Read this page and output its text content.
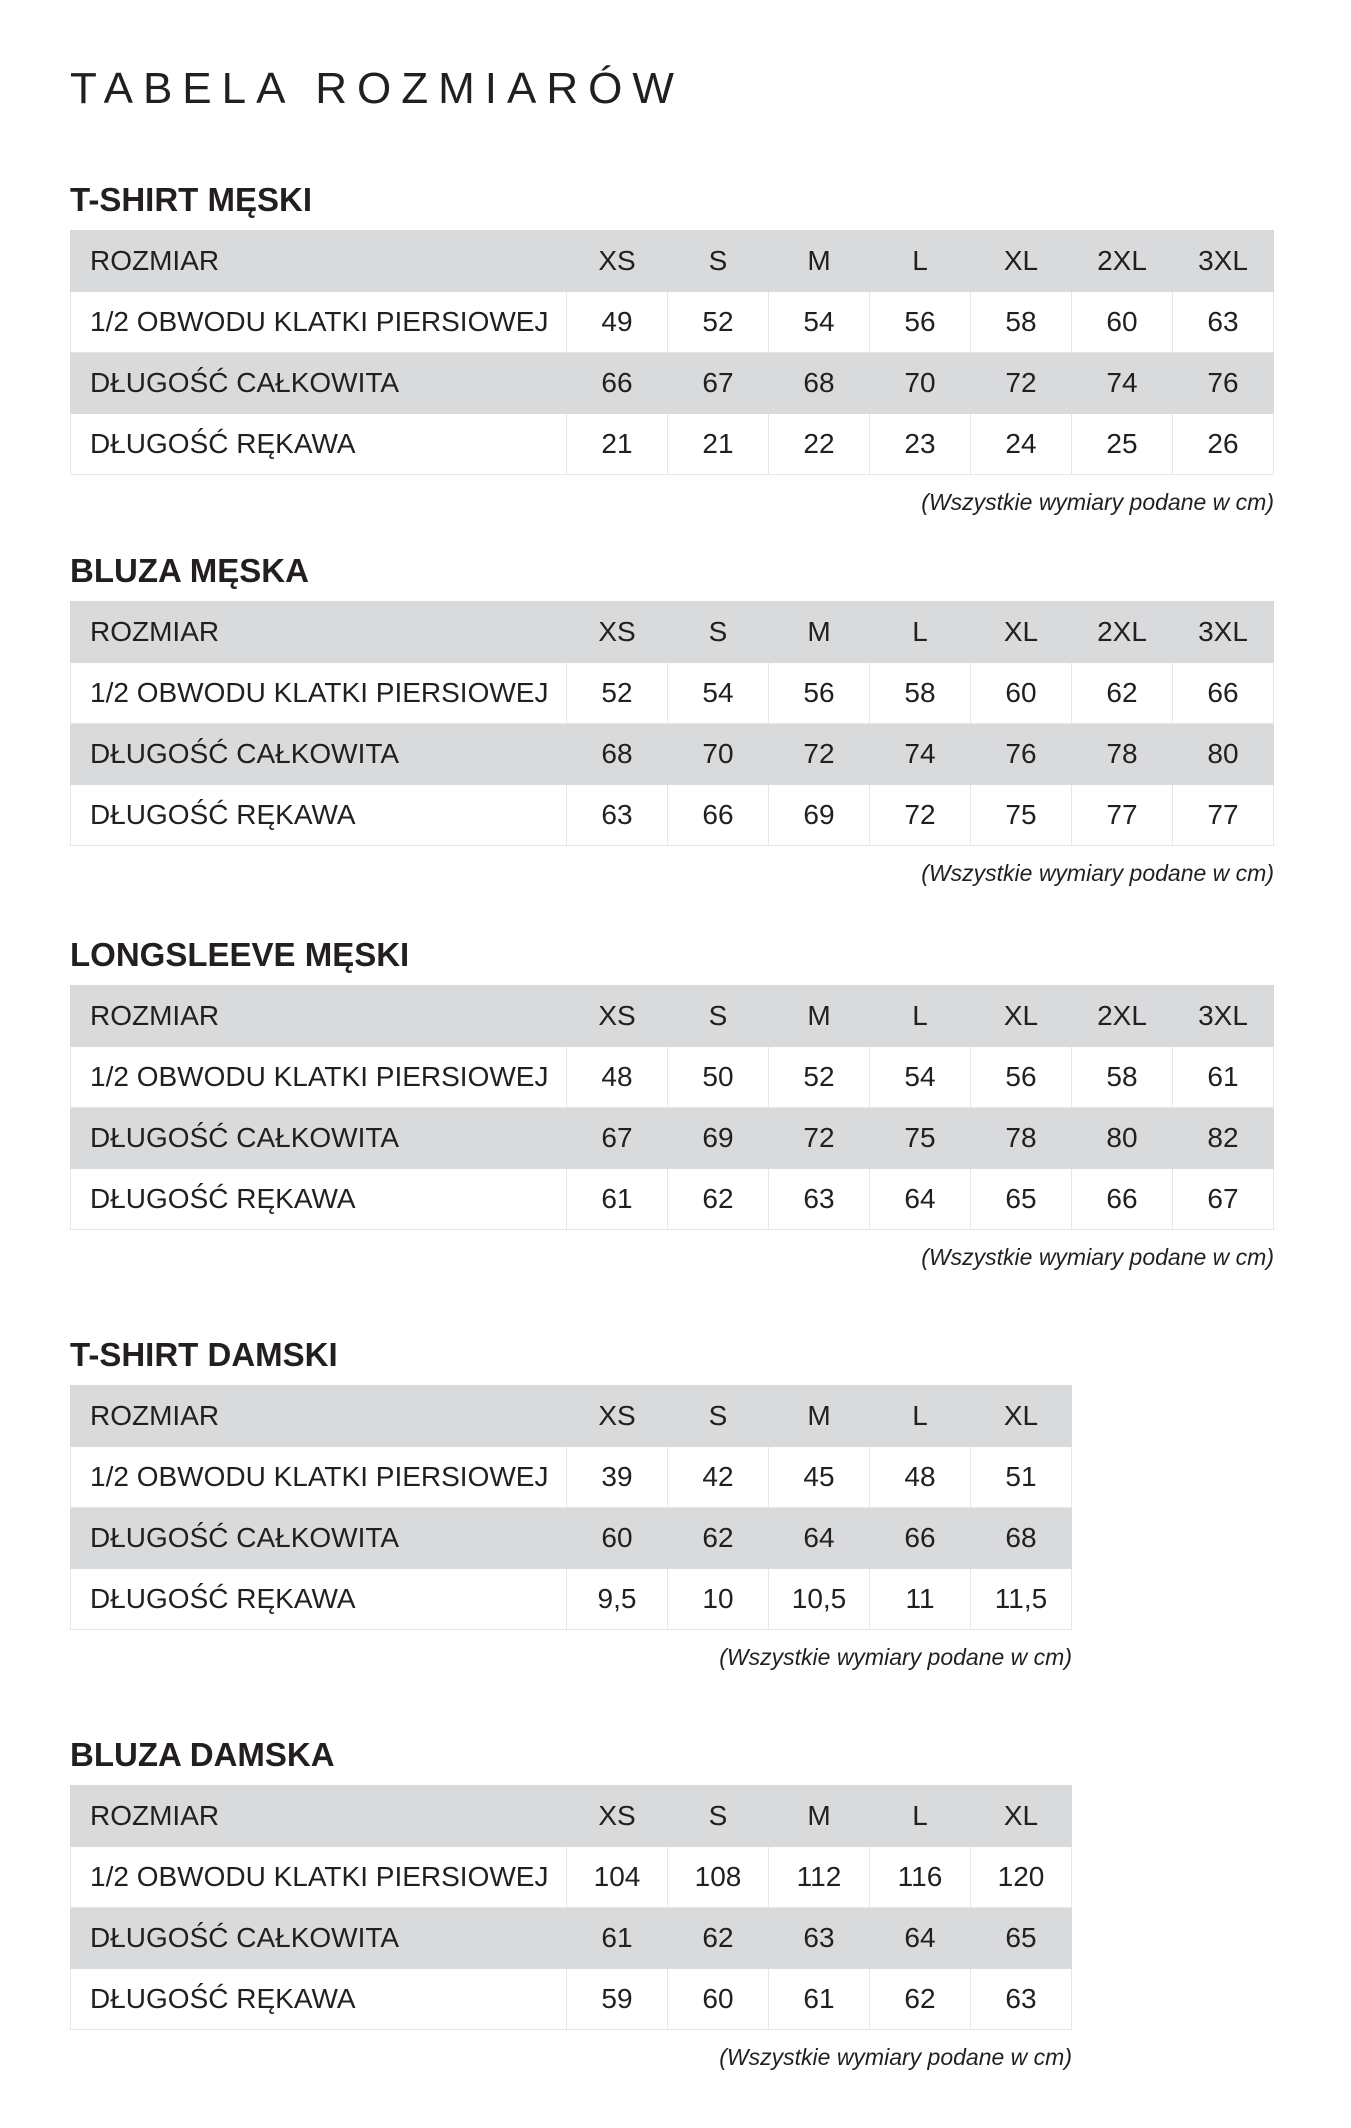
TABELA ROZMIARÓW
T-SHIRT MĘSKI
ROZMIAR	XS	S	M	L	XL	2XL	3XL
1/2 OBWODU KLATKI PIERSIOWEJ	49	52	54	56	58	60	63
DŁUGOŚĆ CAŁKOWITA	66	67	68	70	72	74	76
DŁUGOŚĆ RĘKAWA	21	21	22	23	24	25	26
(Wszystkie wymiary podane w cm)
BLUZA MĘSKA
ROZMIAR	XS	S	M	L	XL	2XL	3XL
1/2 OBWODU KLATKI PIERSIOWEJ	52	54	56	58	60	62	66
DŁUGOŚĆ CAŁKOWITA	68	70	72	74	76	78	80
DŁUGOŚĆ RĘKAWA	63	66	69	72	75	77	77
(Wszystkie wymiary podane w cm)
LONGSLEEVE MĘSKI
ROZMIAR	XS	S	M	L	XL	2XL	3XL
1/2 OBWODU KLATKI PIERSIOWEJ	48	50	52	54	56	58	61
DŁUGOŚĆ CAŁKOWITA	67	69	72	75	78	80	82
DŁUGOŚĆ RĘKAWA	61	62	63	64	65	66	67
(Wszystkie wymiary podane w cm)
T-SHIRT DAMSKI
ROZMIAR	XS	S	M	L	XL
1/2 OBWODU KLATKI PIERSIOWEJ	39	42	45	48	51
DŁUGOŚĆ CAŁKOWITA	60	62	64	66	68
DŁUGOŚĆ RĘKAWA	9,5	10	10,5	11	11,5
(Wszystkie wymiary podane w cm)
BLUZA DAMSKA
ROZMIAR	XS	S	M	L	XL
1/2 OBWODU KLATKI PIERSIOWEJ	104	108	112	116	120
DŁUGOŚĆ CAŁKOWITA	61	62	63	64	65
DŁUGOŚĆ RĘKAWA	59	60	61	62	63
(Wszystkie wymiary podane w cm)
